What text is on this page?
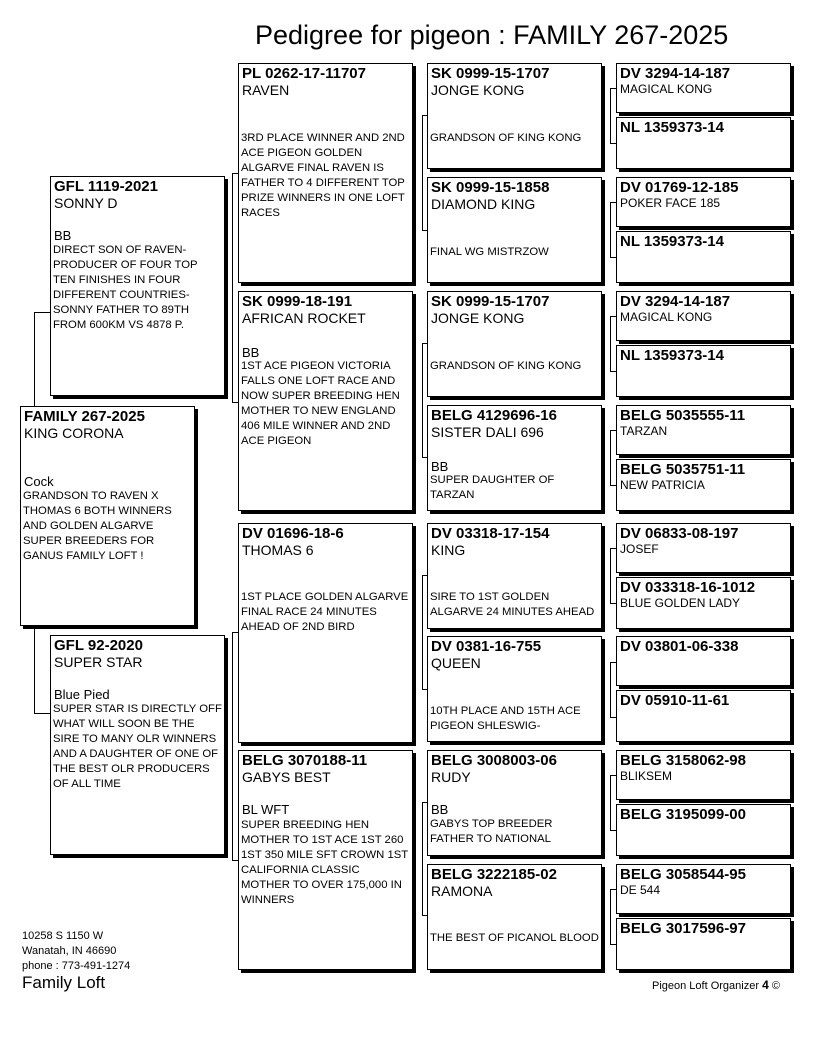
Pedigree for pigeon : FAMILY 267-2025
FAMILY 267-2025
KING CORONA
Cock
GRANDSON TO RAVEN X THOMAS 6 BOTH WINNERS AND GOLDEN ALGARVE SUPER BREEDERS FOR GANUS FAMILY LOFT !
GFL 1119-2021
SONNY D
BB
DIRECT SON OF RAVEN- PRODUCER OF FOUR TOP TEN FINISHES IN FOUR DIFFERENT COUNTRIES- SONNY FATHER TO 89TH FROM 600KM VS 4878 P.
GFL 92-2020
SUPER STAR
Blue Pied
SUPER STAR IS DIRECTLY OFF WHAT WILL SOON BE THE SIRE TO MANY OLR WINNERS AND A DAUGHTER OF ONE OF THE BEST OLR PRODUCERS OF ALL TIME
PL 0262-17-11707
RAVEN
3RD PLACE WINNER AND 2ND ACE PIGEON GOLDEN ALGARVE FINAL RAVEN IS FATHER TO 4 DIFFERENT TOP PRIZE WINNERS IN ONE LOFT RACES
SK 0999-18-191
AFRICAN ROCKET
BB
1ST ACE PIGEON VICTORIA FALLS ONE LOFT RACE AND NOW SUPER BREEDING HEN MOTHER TO NEW ENGLAND 406 MILE WINNER AND 2ND ACE PIGEON
DV 01696-18-6
THOMAS 6
1ST PLACE GOLDEN ALGARVE FINAL RACE 24 MINUTES AHEAD OF 2ND BIRD
BELG 3070188-11
GABYS BEST
BL WFT
SUPER BREEDING HEN MOTHER TO 1ST ACE 1ST 260 1ST 350 MILE SFT CROWN 1ST CALIFORNIA CLASSIC MOTHER TO OVER 175,000 IN WINNERS
SK 0999-15-1707
JONGE KONG
GRANDSON OF KING KONG
SK 0999-15-1858
DIAMOND KING
FINAL WG MISTRZOW
SK 0999-15-1707
JONGE KONG
GRANDSON OF KING KONG
BELG 4129696-16
SISTER DALI 696
BB
SUPER DAUGHTER OF TARZAN
DV 03318-17-154
KING
SIRE TO 1ST GOLDEN ALGARVE 24 MINUTES AHEAD
DV 0381-16-755
QUEEN
10TH PLACE AND 15TH ACE PIGEON SHLESWIG-
BELG 3008003-06
RUDY
BB
GABYS TOP BREEDER FATHER TO NATIONAL
BELG 3222185-02
RAMONA
THE BEST OF PICANOL BLOOD
DV 3294-14-187
MAGICAL KONG
NL 1359373-14
DV 01769-12-185
POKER FACE 185
NL 1359373-14
DV 3294-14-187
MAGICAL KONG
NL 1359373-14
BELG 5035555-11
TARZAN
BELG 5035751-11
NEW PATRICIA
DV 06833-08-197
JOSEF
DV 033318-16-1012
BLUE GOLDEN LADY
DV 03801-06-338
DV 05910-11-61
BELG 3158062-98
BLIKSEM
BELG 3195099-00
BELG 3058544-95
DE 544
BELG 3017596-97
10258 S 1150 W
Wanatah, IN 46690
phone : 773-491-1274
Family Loft	Pigeon Loft Organizer 4 ©
